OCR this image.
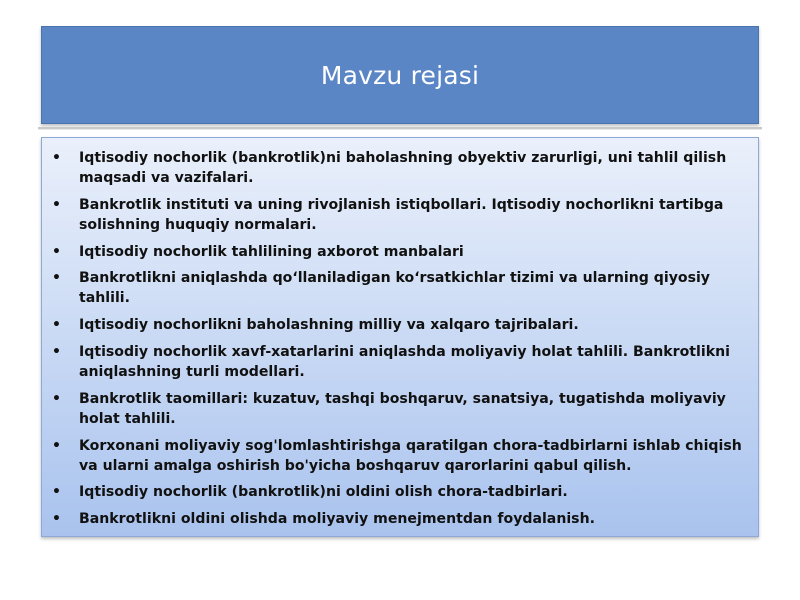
Mavzu rejasi
•	Iqtisodiy nochorlik (bankrotlik)ni baholashning obyektiv zarurligi, uni tahlil qilish maqsadi va vazifalari.
•	Bankrotlik instituti va uning rivojlanish istiqbollari. Iqtisodiy nochorlikni tartibga solishning huquqiy normalari.
•	Iqtisodiy nochorlik tahlilining axborot manbalari
•	Bankrotlikni aniqlashda qoʻllaniladigan koʻrsatkichlar tizimi va ularning qiyosiy tahlili.
•	Iqtisodiy nochorlikni baholashning milliy va xalqaro tajribalari.
•	Iqtisodiy nochorlik xavf-xatarlarini aniqlashda moliyaviy holat tahlili. Bankrotlikni aniqlashning turli modellari.
•	Bankrotlik taomillari: kuzatuv, tashqi boshqaruv, sanatsiya, tugatishda moliyaviy holat tahlili.
•	Korxonani moliyaviy sog'lomlashtirishga qaratilgan chora-tadbirlarni ishlab chiqish va ularni amalga oshirish bo'yicha boshqaruv qarorlarini qabul qilish.
•	Iqtisodiy nochorlik (bankrotlik)ni oldini olish chora-tadbirlari.
•	Bankrotlikni oldini olishda moliyaviy menejmentdan foydalanish.
